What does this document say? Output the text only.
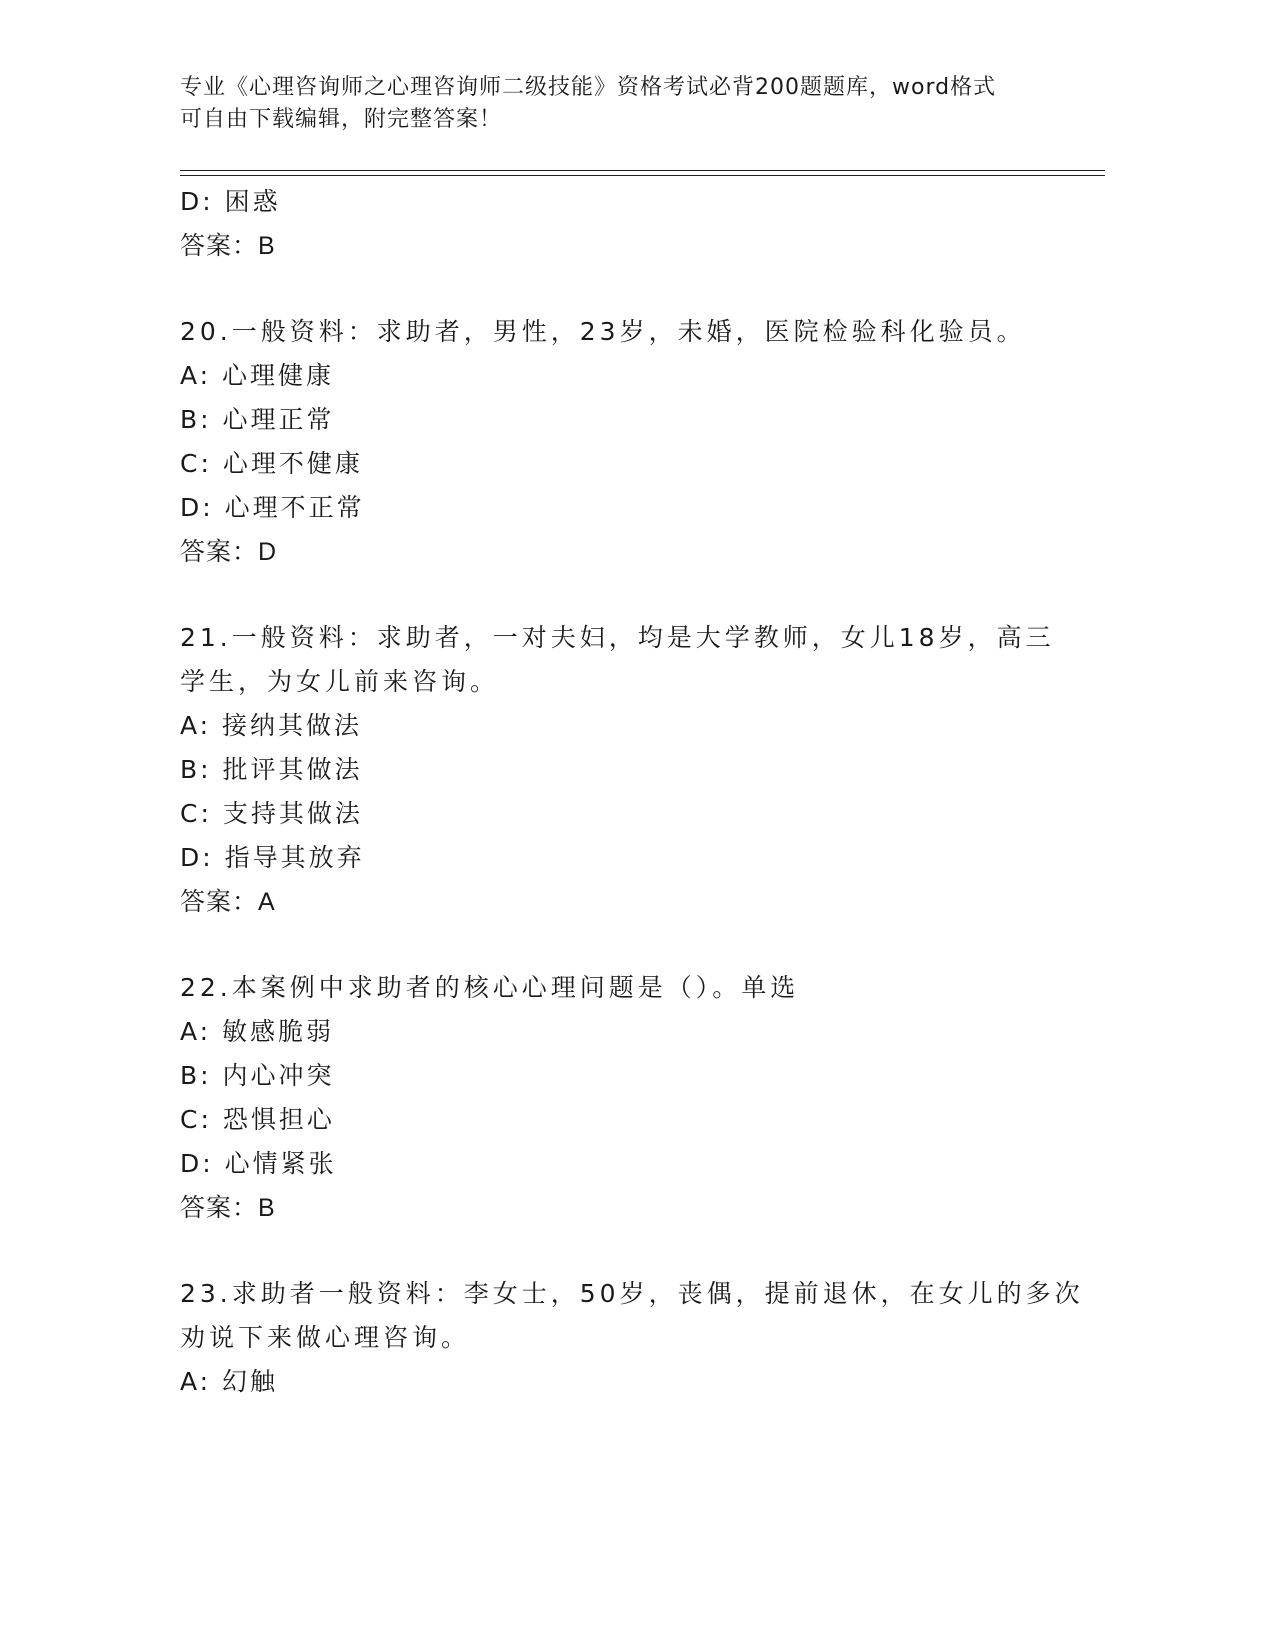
专业《心理咨询师之心理咨询师二级技能》资格考试必背200题题库，word格式
可自由下载编辑，附完整答案！
D: 困惑
答案：B
20.一般资料：求助者，男性，23岁，未婚，医院检验科化验员。
A: 心理健康
B: 心理正常
C: 心理不健康
D: 心理不正常
答案：D
21.一般资料：求助者，一对夫妇，均是大学教师，女儿18岁，高三
学生，为女儿前来咨询。
A: 接纳其做法
B: 批评其做法
C: 支持其做法
D: 指导其放弃
答案：A
22.本案例中求助者的核心心理问题是（）。单选
A: 敏感脆弱
B: 内心冲突
C: 恐惧担心
D: 心情紧张
答案：B
23.求助者一般资料：李女士，50岁，丧偶，提前退休，在女儿的多次
劝说下来做心理咨询。
A: 幻触
